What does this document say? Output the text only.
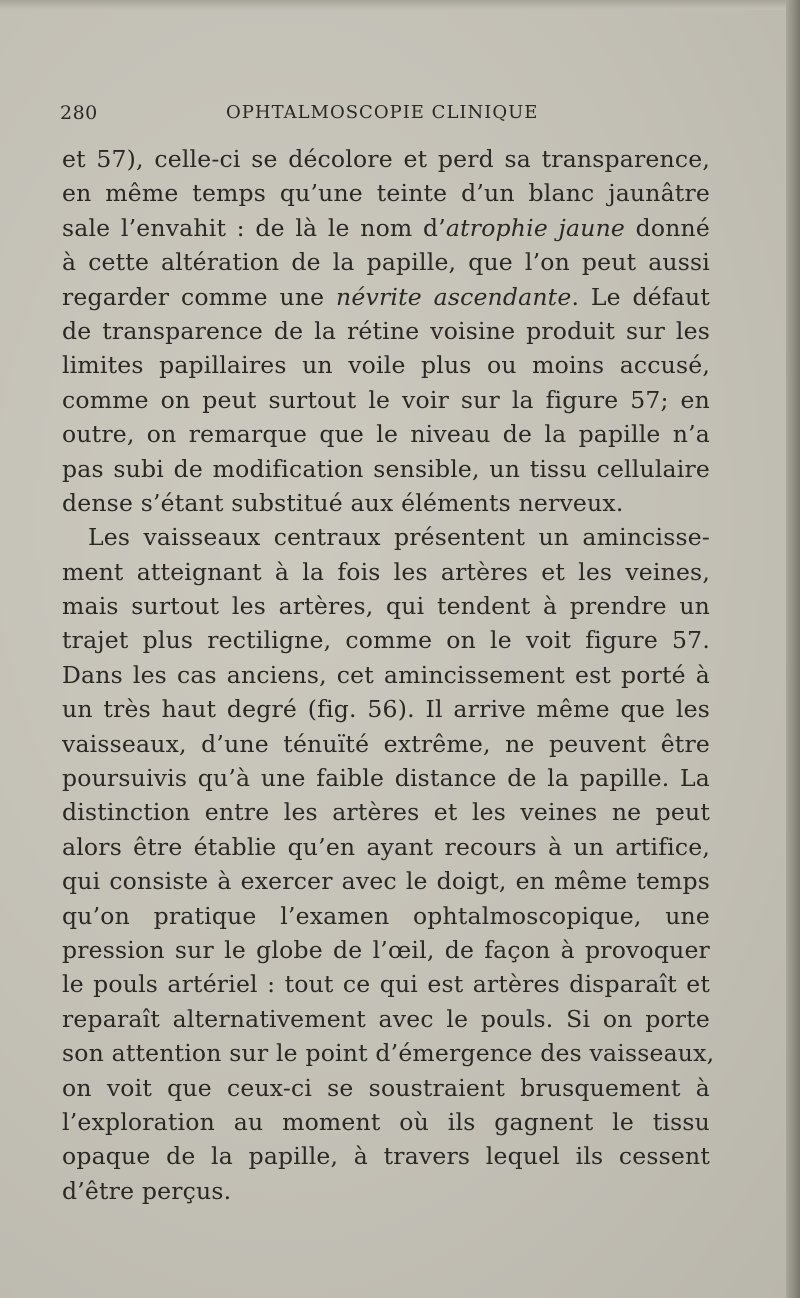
280	OPHTALMOSCOPIE CLINIQUE
et 57), celle-ci se décolore et perd sa transparence,
en même temps qu’une teinte d’un blanc jaunâtre
sale l’envahit : de là le nom d’atrophie jaune donné
à cette altération de la papille, que l’on peut aussi
regarder comme une névrite ascendante. Le défaut
de transparence de la rétine voisine produit sur les
limites papillaires un voile plus ou moins accusé,
comme on peut surtout le voir sur la figure 57; en
outre, on remarque que le niveau de la papille n’a
pas subi de modification sensible, un tissu cellulaire
dense s’étant substitué aux éléments nerveux.
Les vaisseaux centraux présentent un amincisse-
ment atteignant à la fois les artères et les veines,
mais surtout les artères, qui tendent à prendre un
trajet plus rectiligne, comme on le voit figure 57.
Dans les cas anciens, cet amincissement est porté à
un très haut degré (fig. 56). Il arrive même que les
vaisseaux, d’une ténuïté extrême, ne peuvent être
poursuivis qu’à une faible distance de la papille. La
distinction entre les artères et les veines ne peut
alors être établie qu’en ayant recours à un artifice,
qui consiste à exercer avec le doigt, en même temps
qu’on pratique l’examen ophtalmoscopique, une
pression sur le globe de l’œil, de façon à provoquer
le pouls artériel : tout ce qui est artères disparaît et
reparaît alternativement avec le pouls. Si on porte
son attention sur le point d’émergence des vaisseaux,
on voit que ceux-ci se soustraient brusquement à
l’exploration au moment où ils gagnent le tissu
opaque de la papille, à travers lequel ils cessent
d’être perçus.
